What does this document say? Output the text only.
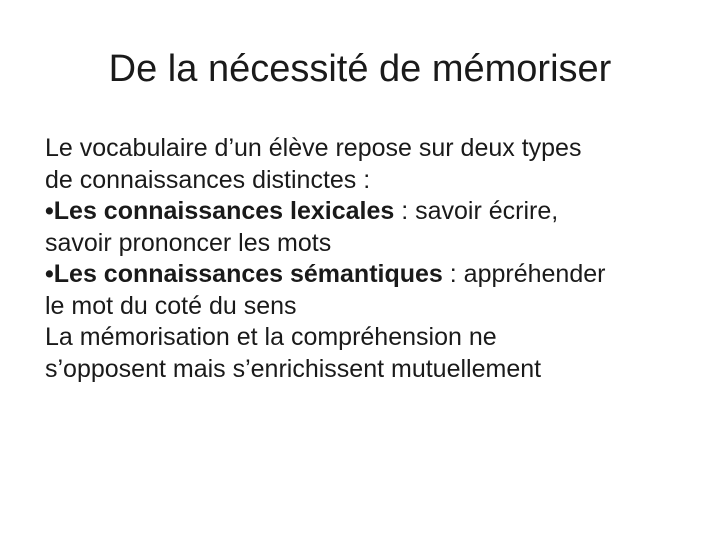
De la nécessité de mémoriser

Le vocabulaire d’un élève repose sur deux types
de connaissances distinctes :

•Les connaissances lexicales : savoir écrire,
savoir prononcer les mots

•Les connaissances sémantiques : appréhender
le mot du coté du sens

La mémorisation et la compréhension ne
s’opposent mais s’enrichissent mutuellement
